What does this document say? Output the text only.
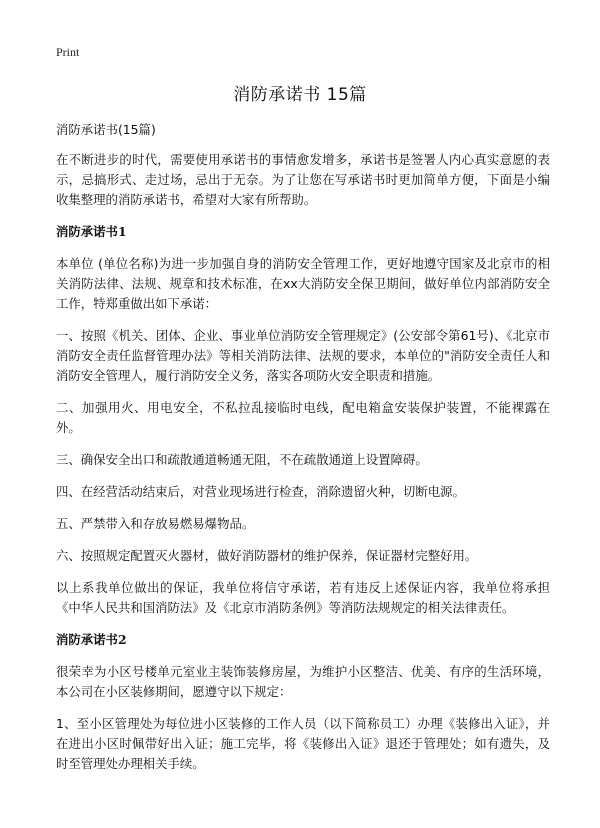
Print
消防承诺书 15篇

消防承诺书(15篇)

在不断进步的时代，需要使用承诺书的事情愈发增多，承诺书是签署人内心真实意愿的表示，忌搞形式、走过场，忌出于无奈。为了让您在写承诺书时更加简单方便，下面是小编收集整理的消防承诺书，希望对大家有所帮助。

消防承诺书1

本单位 (单位名称)为进一步加强自身的消防安全管理工作，更好地遵守国家及北京市的相关消防法律、法规、规章和技术标准，在xx大消防安全保卫期间，做好单位内部消防安全工作，特郑重做出如下承诺：

一、按照《机关、团体、企业、事业单位消防安全管理规定》(公安部令第61号)、《北京市消防安全责任监督管理办法》等相关消防法律、法规的要求，本单位的"消防安全责任人和消防安全管理人，履行消防安全义务，落实各项防火安全职责和措施。

二、加强用火、用电安全，不私拉乱接临时电线，配电箱盒安装保护装置，不能裸露在外。

三、确保安全出口和疏散通道畅通无阻，不在疏散通道上设置障碍。

四、在经营活动结束后，对营业现场进行检查，消除遗留火种，切断电源。

五、严禁带入和存放易燃易爆物品。

六、按照规定配置灭火器材，做好消防器材的维护保养，保证器材完整好用。

以上系我单位做出的保证，我单位将信守承诺，若有违反上述保证内容，我单位将承担《中华人民共和国消防法》及《北京市消防条例》等消防法规规定的相关法律责任。

消防承诺书2

很荣幸为小区号楼单元室业主装饰装修房屋，为维护小区整洁、优美、有序的生活环境，本公司在小区装修期间，愿遵守以下规定：

1、至小区管理处为每位进小区装修的工作人员（以下简称员工）办理《装修出入证》，并在进出小区时佩带好出入证；施工完毕，将《装修出入证》退还于管理处；如有遗失，及时至管理处办理相关手续。
